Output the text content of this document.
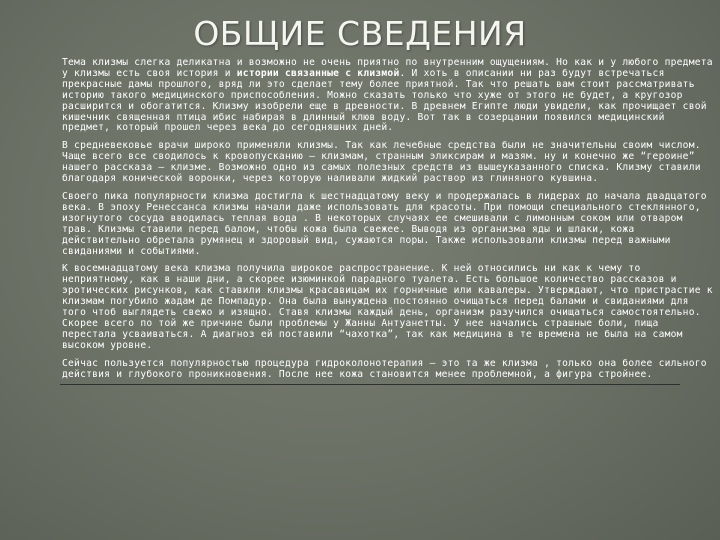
ОБЩИЕ СВЕДЕНИЯ

Тема клизмы слегка деликатна и возможно не очень приятно по внутренним ощущениям. Но как и у любого предмета у клизмы есть своя история и истории связанные с клизмой. И хоть в описании ни раз будут встречаться прекрасные дамы прошлого, вряд ли это сделает тему более приятной. Так что решать вам стоит рассматривать историю такого медицинского приспособления. Можно сказать только что хуже от этого не будет, а кругозор расширится и обогатится. Клизму изобрели еще в древности. В древнем Египте люди увидели, как прочищает свой кишечник священная птица ибис набирая в длинный клюв воду. Вот так в созерцании появился медицинский предмет, который прошел через века до сегодняшних дней.

В средневековье врачи широко применяли клизмы. Так как лечебные средства были не значительны своим числом. Чаще всего все сводилось к кровопусканию – клизмам, странным эликсирам и мазям. ну и конечно же “героине” нашего рассказа – клизме. Возможно одно из самых полезных средств из вышеуказанного списка. Клизму ставили благодаря конической воронки, через которую наливали жидкий раствор из глиняного кувшина.

Своего пика популярности клизма достигла к шестнадцатому веку и продержалась в лидерах до начала двадцатого века. В эпоху Ренессанса клизмы начали даже использовать для красоты. При помощи специального стеклянного, изогнутого сосуда вводилась теплая вода . В некоторых случаях ее смешивали с лимонным соком или отваром трав. Клизмы ставили перед балом, чтобы кожа была свежее. Выводя из организма яды и шлаки, кожа действительно обретала румянец и здоровый вид, сужаются поры. Также использовали клизмы перед важными свиданиями и событиями.

К восемнадцатому века клизма получила широкое распространение. К ней относились ни как к чему то неприятному, как в наши дни, а скорее изюминкой парадного туалета. Есть большое количество рассказов и эротических рисунков, как ставили клизмы красавицам их горничные или кавалеры. Утверждают, что пристрастие к клизмам погубило жадам де Помпадур. Она была вынуждена постоянно очищаться перед балами и свиданиями для того чтоб выглядеть свежо и изящно. Ставя клизмы каждый день, организм разучился очищаться самостоятельно. Скорее всего по той же причине были проблемы у Жанны Антуанетты. У нее начались страшные боли, пища перестала усваиваться. А диагноз ей поставили “чахотка”, так как медицина в те времена не была на самом высоком уровне.

Сейчас пользуется популярностью процедура гидроколонотерапия – это та же клизма , только она более сильного действия и глубокого проникновения. После нее кожа становится менее проблемной, а фигура стройнее.
